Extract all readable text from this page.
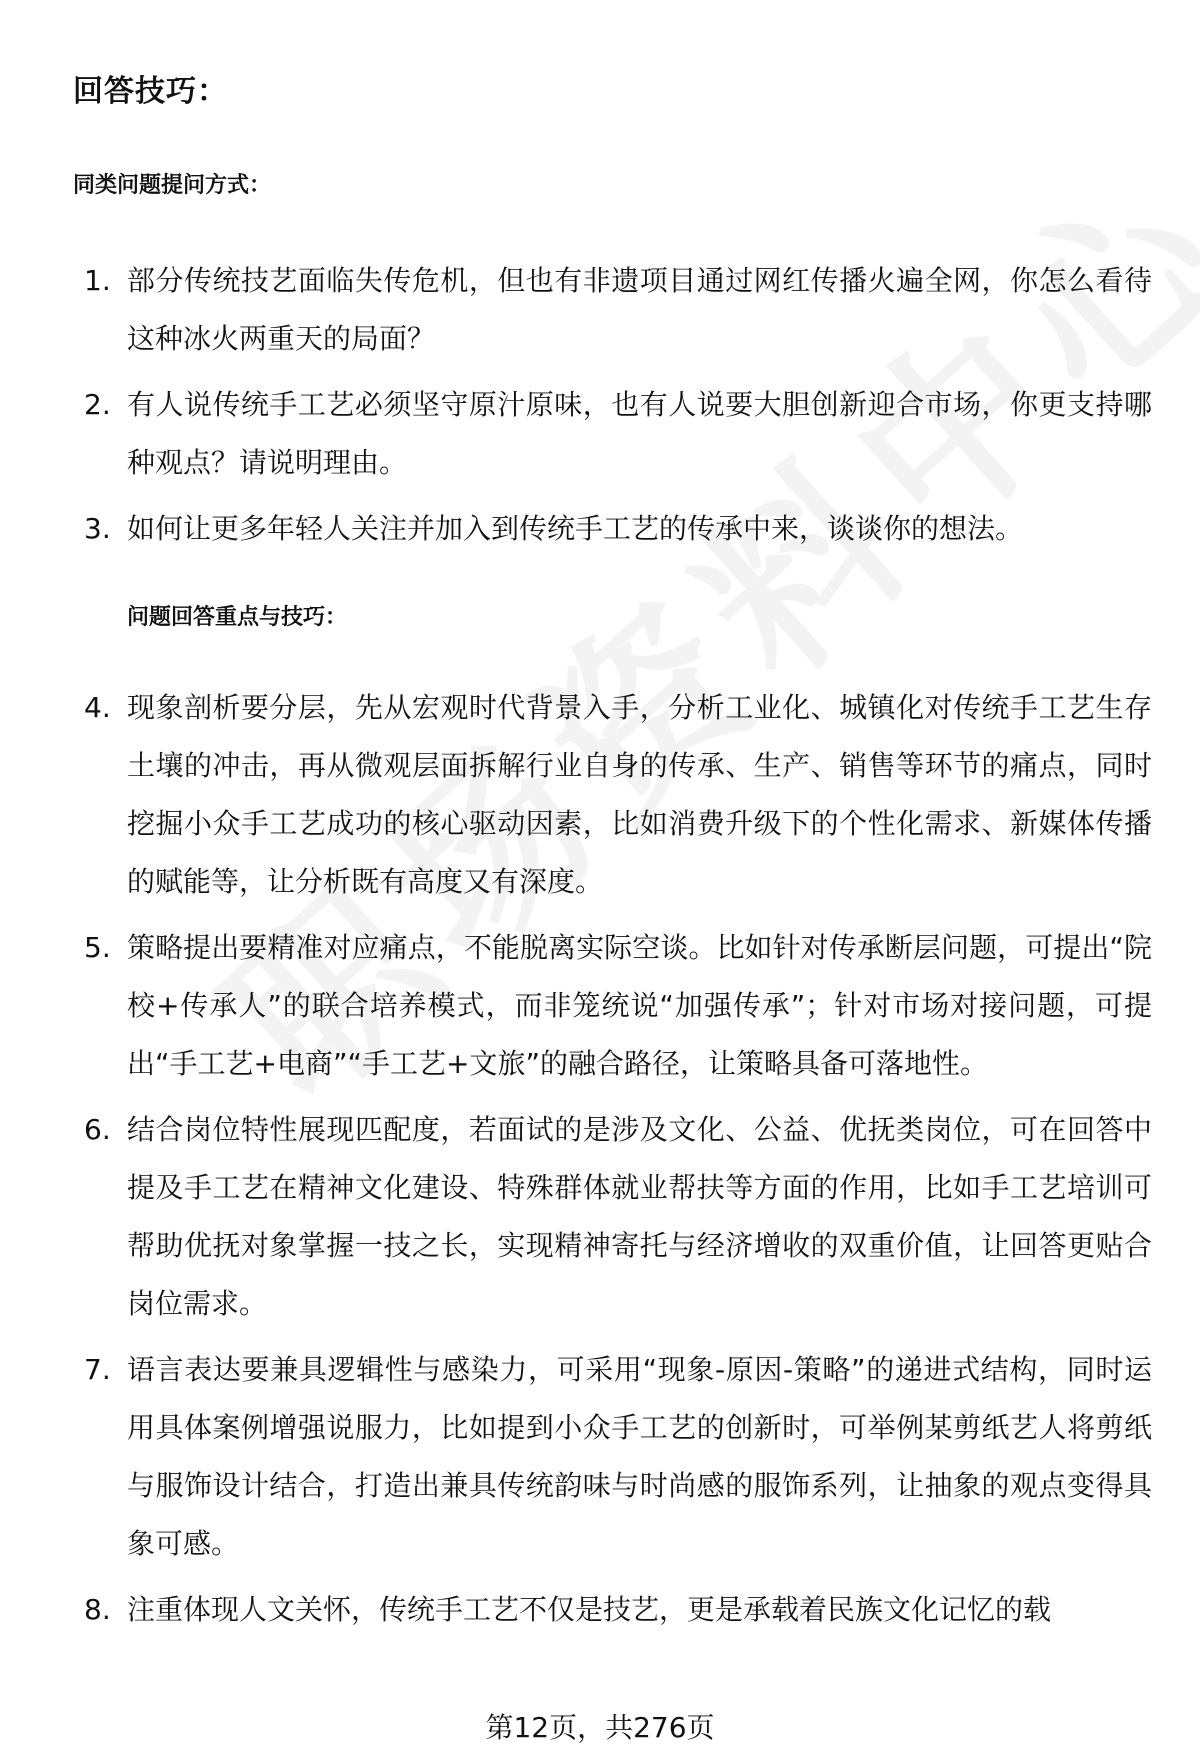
回答技巧：
同类问题提问方式：
1. 部分传统技艺面临失传危机，但也有非遗项目通过网红传播火遍全网，你怎么看待这种冰火两重天的局面？
2. 有人说传统手工艺必须坚守原汁原味，也有人说要大胆创新迎合市场，你更支持哪种观点？请说明理由。
3. 如何让更多年轻人关注并加入到传统手工艺的传承中来，谈谈你的想法。
问题回答重点与技巧：
4. 现象剖析要分层，先从宏观时代背景入手，分析工业化、城镇化对传统手工艺生存土壤的冲击，再从微观层面拆解行业自身的传承、生产、销售等环节的痛点，同时挖掘小众手工艺成功的核心驱动因素，比如消费升级下的个性化需求、新媒体传播的赋能等，让分析既有高度又有深度。
5. 策略提出要精准对应痛点，不能脱离实际空谈。比如针对传承断层问题，可提出“院校+传承人”的联合培养模式，而非笼统说“加强传承”；针对市场对接问题，可提出“手工艺+电商”“手工艺+文旅”的融合路径，让策略具备可落地性。
6. 结合岗位特性展现匹配度，若面试的是涉及文化、公益、优抚类岗位，可在回答中提及手工艺在精神文化建设、特殊群体就业帮扶等方面的作用，比如手工艺培训可帮助优抚对象掌握一技之长，实现精神寄托与经济增收的双重价值，让回答更贴合岗位需求。
7. 语言表达要兼具逻辑性与感染力，可采用“现象-原因-策略”的递进式结构，同时运用具体案例增强说服力，比如提到小众手工艺的创新时，可举例某剪纸艺人将剪纸与服饰设计结合，打造出兼具传统韵味与时尚感的服饰系列，让抽象的观点变得具象可感。
8. 注重体现人文关怀，传统手工艺不仅是技艺，更是承载着民族文化记忆的载
第12页，共276页
